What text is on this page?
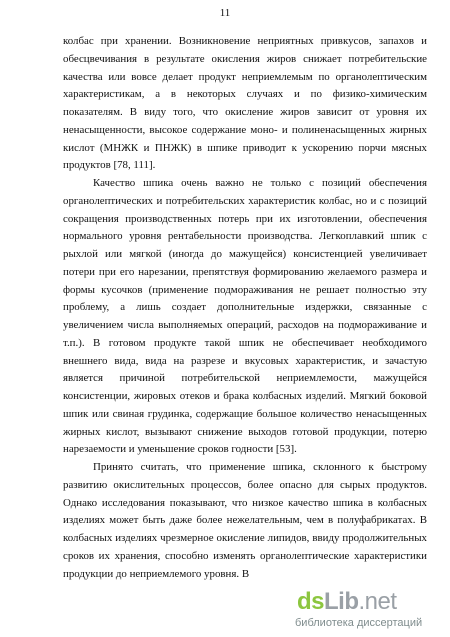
11

колбас при хранении. Возникновение неприятных привкусов, запахов и обесцвечивания в результате окисления жиров снижает потребительские качества или вовсе делает продукт неприемлемым по органолептическим характеристикам, а в некоторых случаях и по физико-химическим показателям. В виду того, что окисление жиров зависит от уровня их ненасыщенности, высокое содержание моно- и полиненасыщенных жирных кислот (МНЖК и ПНЖК) в шпике приводит к ускорению порчи мясных продуктов [78, 111].

Качество шпика очень важно не только с позиций обеспечения органолептических и потребительских характеристик колбас, но и с позиций сокращения производственных потерь при их изготовлении, обеспечения нормального уровня рентабельности производства. Легкоплавкий шпик с рыхлой или мягкой (иногда до мажущейся) консистенцией увеличивает потери при его нарезании, препятствуя формированию желаемого размера и формы кусочков (применение подмораживания не решает полностью эту проблему, а лишь создает дополнительные издержки, связанные с увеличением числа выполняемых операций, расходов на подмораживание и т.п.). В готовом продукте такой шпик не обеспечивает необходимого внешнего вида, вида на разрезе и вкусовых характеристик, и зачастую является причиной потребительской неприемлемости, мажущейся консистенции, жировых отеков и брака колбасных изделий. Мягкий боковой шпик или свиная грудинка, содержащие большое количество ненасыщенных жирных кислот, вызывают снижение выходов готовой продукции, потерю нарезаемости и уменьшение сроков годности [53].

Принято считать, что применение шпика, склонного к быстрому развитию окислительных процессов, более опасно для сырых продуктов. Однако исследования показывают, что низкое качество шпика в колбасных изделиях может быть даже более нежелательным, чем в полуфабрикатах. В колбасных изделиях чрезмерное окисление липидов, ввиду продолжительных сроков их хранения, способно изменять органолептические характеристики продукции до неприемлемого уровня. В

dsLib.net
библиотека диссертаций
